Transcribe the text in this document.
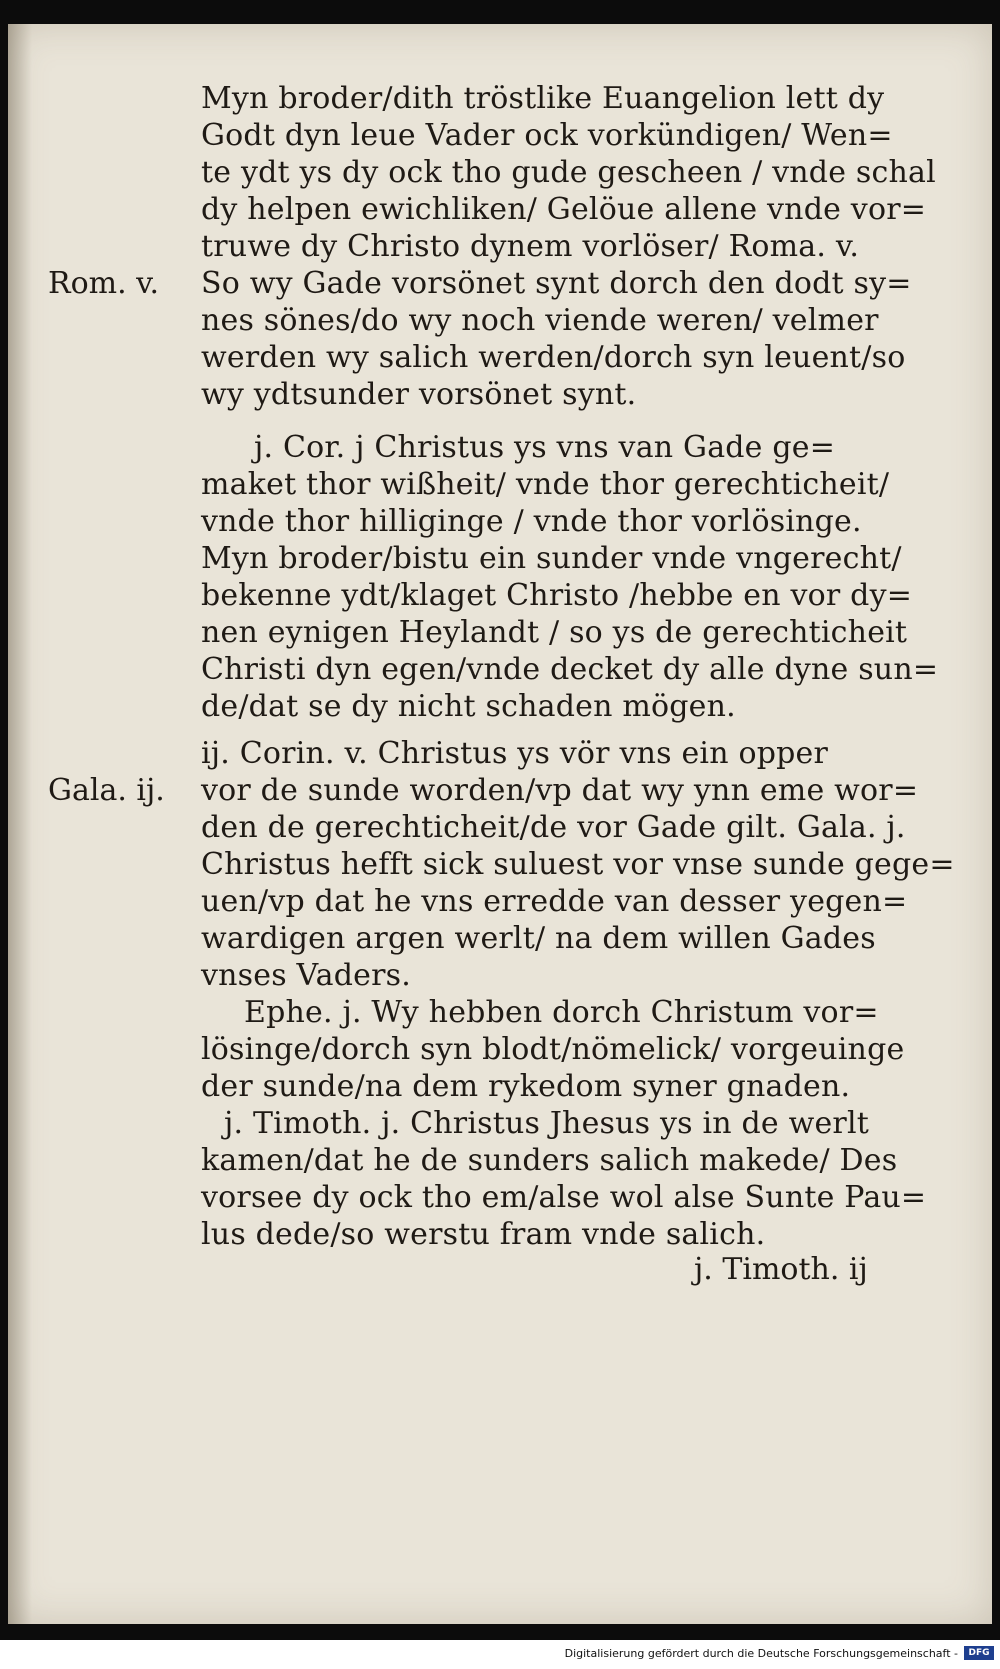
Myn broder/dith tröstlike Euangelion lett dy

Godt dyn leue Vader ock vorkündigen/ Wen=

te ydt ys dy ock tho gude gescheen / vnde schal

dy helpen ewichliken/ Gelöue allene vnde vor=

truwe dy Christo dynem vorlöser/ Roma. v.

So wy Gade vorsönet synt dorch den dodt sy=

nes sönes/do wy noch viende weren/ velmer

werden wy salich werden/dorch syn leuent/so

wy ydtsunder vorsönet synt.

j. Cor. j Christus ys vns van Gade ge=

maket thor wißheit/ vnde thor gerechticheit/

vnde thor hilliginge / vnde thor vorlösinge.

Myn broder/bistu ein sunder vnde vngerecht/

bekenne ydt/klaget Christo /hebbe en vor dy=

nen eynigen Heylandt / so ys de gerechticheit

Christi dyn egen/vnde decket dy alle dyne sun=

de/dat se dy nicht schaden mögen.

ij. Corin. v. Christus ys vör vns ein opper

vor de sunde worden/vp dat wy ynn eme wor=

den de gerechticheit/de vor Gade gilt. Gala. j.

Christus hefft sick suluest vor vnse sunde gege=

uen/vp dat he vns erredde van desser yegen=

wardigen argen werlt/ na dem willen Gades

vnses Vaders.

Ephe. j. Wy hebben dorch Christum vor=

lösinge/dorch syn blodt/nömelick/ vorgeuinge

der sunde/na dem rykedom syner gnaden.

j. Timoth. j. Christus Jhesus ys in de werlt

kamen/dat he de sunders salich makede/ Des

vorsee dy ock tho em/alse wol alse Sunte Pau=

lus dede/so werstu fram vnde salich.

Rom. v.

Gala. ij.

j. Timoth. ij

Digitalisierung gefördert durch die Deutsche Forschungsgemeinschaft -	DFG
